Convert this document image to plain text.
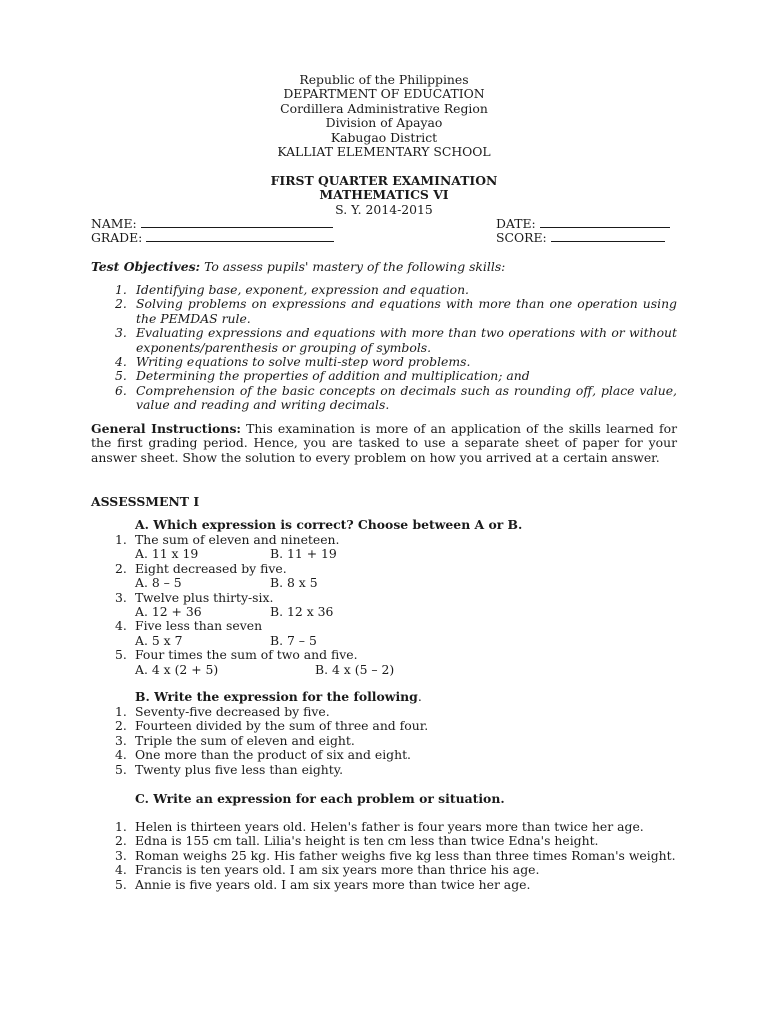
Republic of the Philippines
DEPARTMENT OF EDUCATION
Cordillera Administrative Region
Division of Apayao
Kabugao District
KALLIAT ELEMENTARY SCHOOL
FIRST QUARTER EXAMINATION
MATHEMATICS VI
S. Y. 2014-2015
NAME:	DATE:
GRADE:	SCORE:
Test Objectives: To assess pupils' mastery of the following skills:
1. Identifying base, exponent, expression and equation.
2. Solving problems on expressions and equations with more than one operation using the PEMDAS rule.
3. Evaluating expressions and equations with more than two operations with or without exponents/parenthesis or grouping of symbols.
4. Writing equations to solve multi-step word problems.
5. Determining the properties of addition and multiplication; and
6. Comprehension of the basic concepts on decimals such as rounding off, place value, value and reading and writing decimals.
General Instructions: This examination is more of an application of the skills learned for the first grading period. Hence, you are tasked to use a separate sheet of paper for your answer sheet. Show the solution to every problem on how you arrived at a certain answer.
ASSESSMENT I
A. Which expression is correct? Choose between A or B.
1. The sum of eleven and nineteen.
A. 11 x 19	B. 11 + 19
2. Eight decreased by five.
A. 8 – 5	B. 8 x 5
3. Twelve plus thirty-six.
A. 12 + 36	B. 12 x 36
4. Five less than seven
A. 5 x 7	B. 7 – 5
5. Four times the sum of two and five.
A. 4 x (2 + 5)	B. 4 x (5 – 2)
B. Write the expression for the following.
1. Seventy-five decreased by five.
2. Fourteen divided by the sum of three and four.
3. Triple the sum of eleven and eight.
4. One more than the product of six and eight.
5. Twenty plus five less than eighty.
C. Write an expression for each problem or situation.
1. Helen is thirteen years old. Helen's father is four years more than twice her age.
2. Edna is 155 cm tall. Lilia's height is ten cm less than twice Edna's height.
3. Roman weighs 25 kg. His father weighs five kg less than three times Roman's weight.
4. Francis is ten years old. I am six years more than thrice his age.
5. Annie is five years old. I am six years more than twice her age.
